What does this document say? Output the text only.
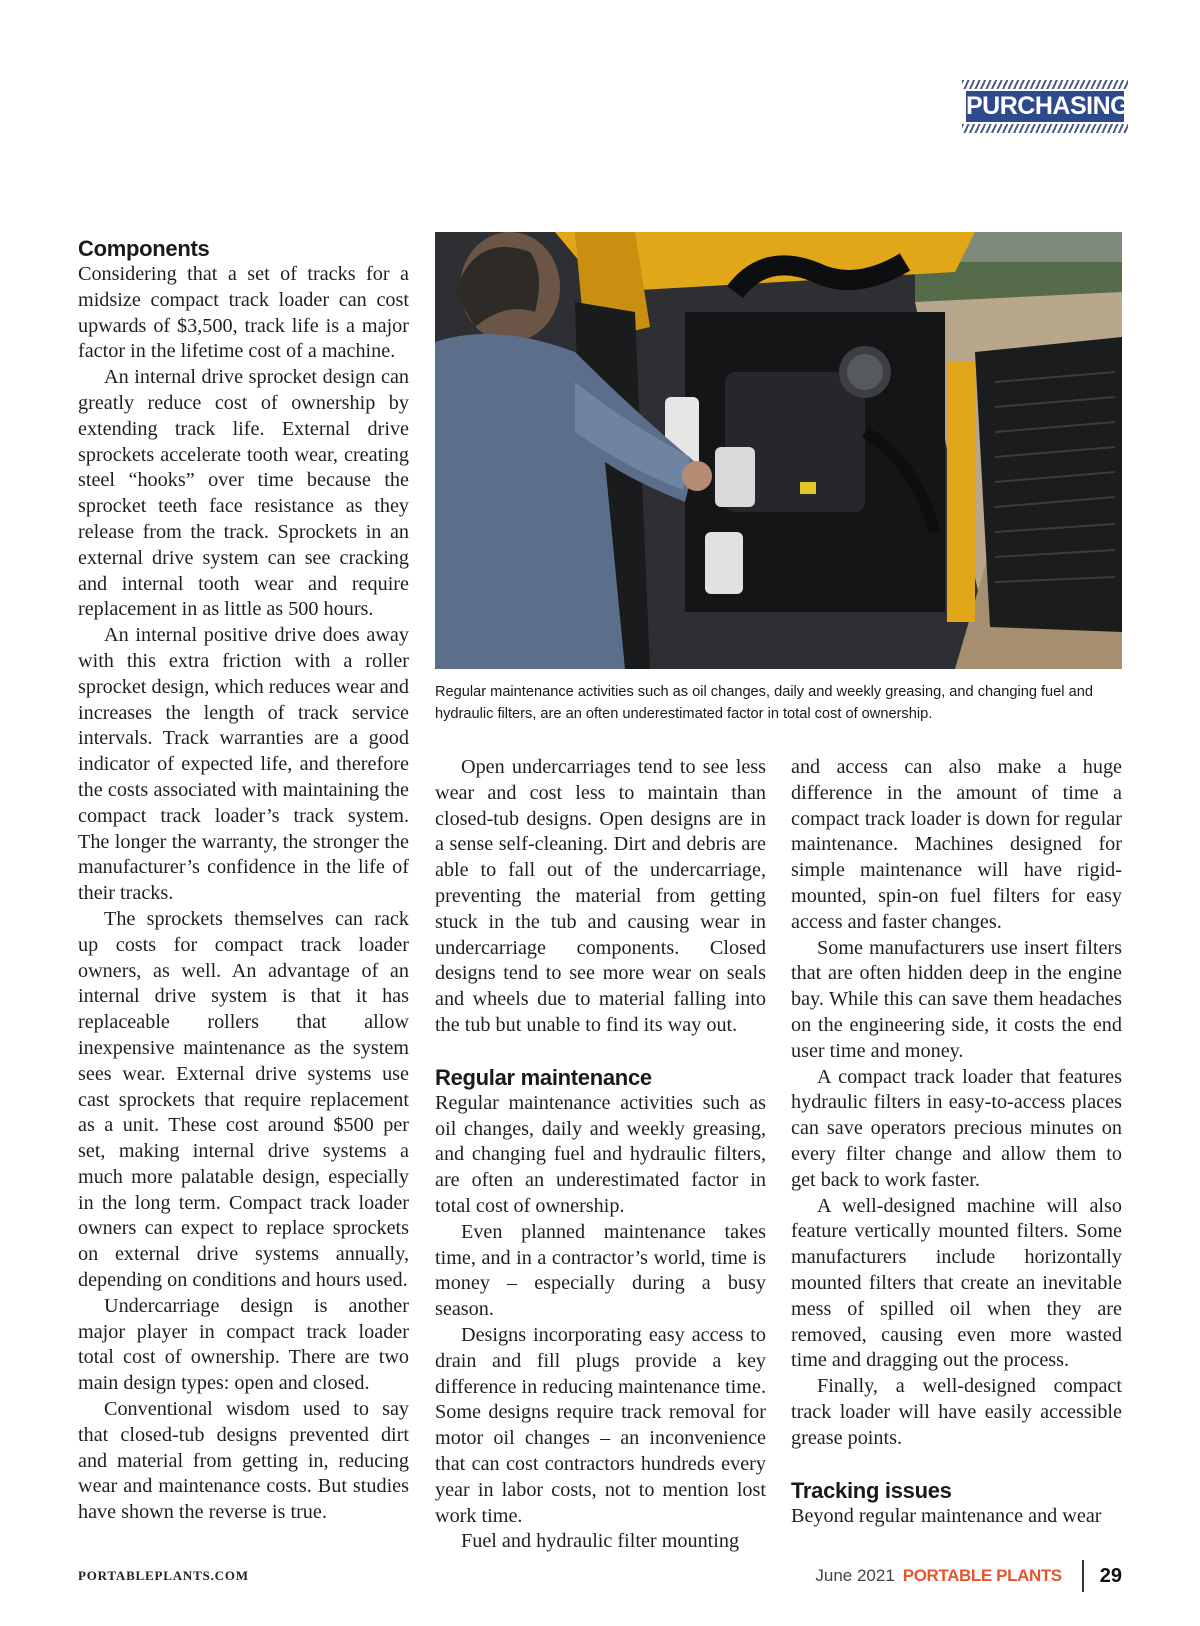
PURCHASING
Components

Considering that a set of tracks for a midsize compact track loader can cost upwards of $3,500, track life is a major factor in the lifetime cost of a machine.

An internal drive sprocket design can greatly reduce cost of ownership by extending track life. External drive sprockets accelerate tooth wear, creating steel “hooks” over time because the sprocket teeth face resistance as they release from the track. Sprockets in an external drive system can see cracking and internal tooth wear and require replacement in as little as 500 hours.

An internal positive drive does away with this extra friction with a roller sprocket design, which reduces wear and increases the length of track service intervals. Track warranties are a good indicator of expected life, and therefore the costs associated with maintaining the compact track loader’s track system. The longer the warranty, the stronger the manufacturer’s confidence in the life of their tracks.

The sprockets themselves can rack up costs for compact track loader owners, as well. An advantage of an internal drive system is that it has replaceable rollers that allow inexpensive maintenance as the system sees wear. External drive systems use cast sprockets that require replacement as a unit. These cost around $500 per set, making internal drive systems a much more palatable design, especially in the long term. Compact track loader owners can expect to replace sprockets on external drive systems annually, depending on conditions and hours used.

Undercarriage design is another major player in compact track loader total cost of ownership. There are two main design types: open and closed.

Conventional wisdom used to say that closed-tub designs prevented dirt and material from getting in, reducing wear and maintenance costs. But studies have shown the reverse is true.

Regular maintenance activities such as oil changes, daily and weekly greasing, and changing fuel and hydraulic filters, are an often underestimated factor in total cost of ownership.

Open undercarriages tend to see less wear and cost less to maintain than closed-tub designs. Open designs are in a sense self-cleaning. Dirt and debris are able to fall out of the undercarriage, preventing the material from getting stuck in the tub and causing wear in undercarriage components. Closed designs tend to see more wear on seals and wheels due to material falling into the tub but unable to find its way out.

Regular maintenance

Regular maintenance activities such as oil changes, daily and weekly greasing, and changing fuel and hydraulic filters, are often an underestimated factor in total cost of ownership.

Even planned maintenance takes time, and in a contractor’s world, time is money – especially during a busy season.

Designs incorporating easy access to drain and fill plugs provide a key difference in reducing maintenance time. Some designs require track removal for motor oil changes – an inconvenience that can cost contractors hundreds every year in labor costs, not to mention lost work time.

Fuel and hydraulic filter mounting

and access can also make a huge difference in the amount of time a compact track loader is down for regular maintenance. Machines designed for simple maintenance will have rigid-mounted, spin-on fuel filters for easy access and faster changes.

Some manufacturers use insert filters that are often hidden deep in the engine bay. While this can save them headaches on the engineering side, it costs the end user time and money.

A compact track loader that features hydraulic filters in easy-to-access places can save operators precious minutes on every filter change and allow them to get back to work faster.

A well-designed machine will also feature vertically mounted filters. Some manufacturers include horizontally mounted filters that create an inevitable mess of spilled oil when they are removed, causing even more wasted time and dragging out the process.

Finally, a well-designed compact track loader will have easily accessible grease points.

Tracking issues

Beyond regular maintenance and wear

PORTABLEPLANTS.COM	June 2021 PORTABLE PLANTS 29
